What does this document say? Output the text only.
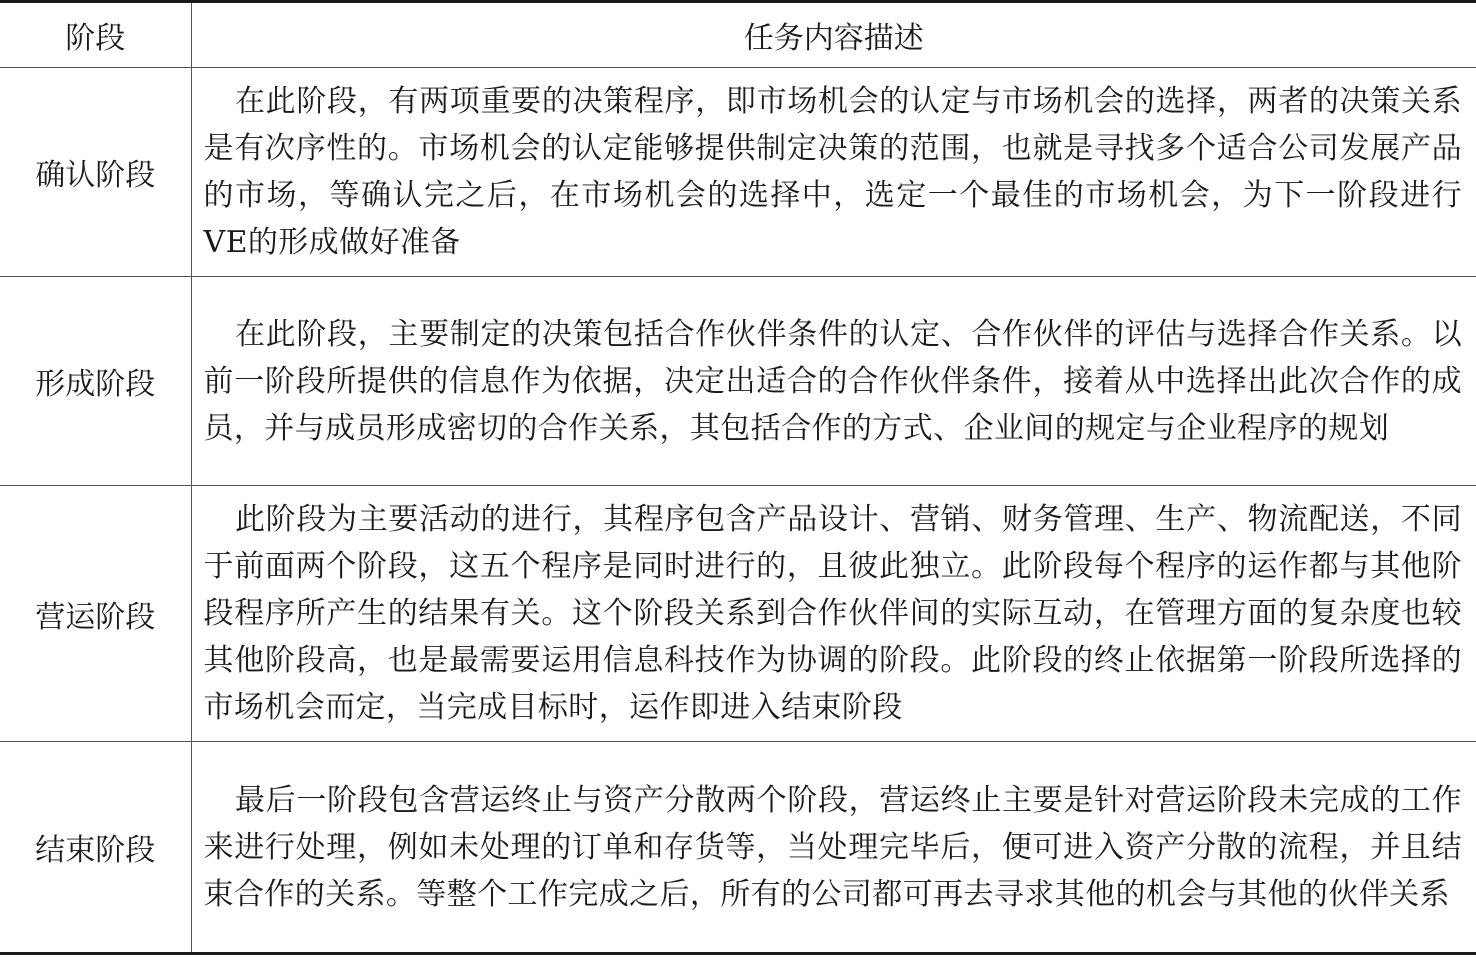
阶段	任务内容描述
确认阶段	在此阶段，有两项重要的决策程序，即市场机会的认定与市场机会的选择，两者的决策关系是有次序性的。市场机会的认定能够提供制定决策的范围，也就是寻找多个适合公司发展产品的市场，等确认完之后，在市场机会的选择中，选定一个最佳的市场机会，为下一阶段进行VE的形成做好准备
形成阶段	在此阶段，主要制定的决策包括合作伙伴条件的认定、合作伙伴的评估与选择合作关系。以前一阶段所提供的信息作为依据，决定出适合的合作伙伴条件，接着从中选择出此次合作的成员，并与成员形成密切的合作关系，其包括合作的方式、企业间的规定与企业程序的规划
营运阶段	此阶段为主要活动的进行，其程序包含产品设计、营销、财务管理、生产、物流配送，不同于前面两个阶段，这五个程序是同时进行的，且彼此独立。此阶段每个程序的运作都与其他阶段程序所产生的结果有关。这个阶段关系到合作伙伴间的实际互动，在管理方面的复杂度也较其他阶段高，也是最需要运用信息科技作为协调的阶段。此阶段的终止依据第一阶段所选择的市场机会而定，当完成目标时，运作即进入结束阶段
结束阶段	最后一阶段包含营运终止与资产分散两个阶段，营运终止主要是针对营运阶段未完成的工作来进行处理，例如未处理的订单和存货等，当处理完毕后，便可进入资产分散的流程，并且结束合作的关系。等整个工作完成之后，所有的公司都可再去寻求其他的机会与其他的伙伴关系
